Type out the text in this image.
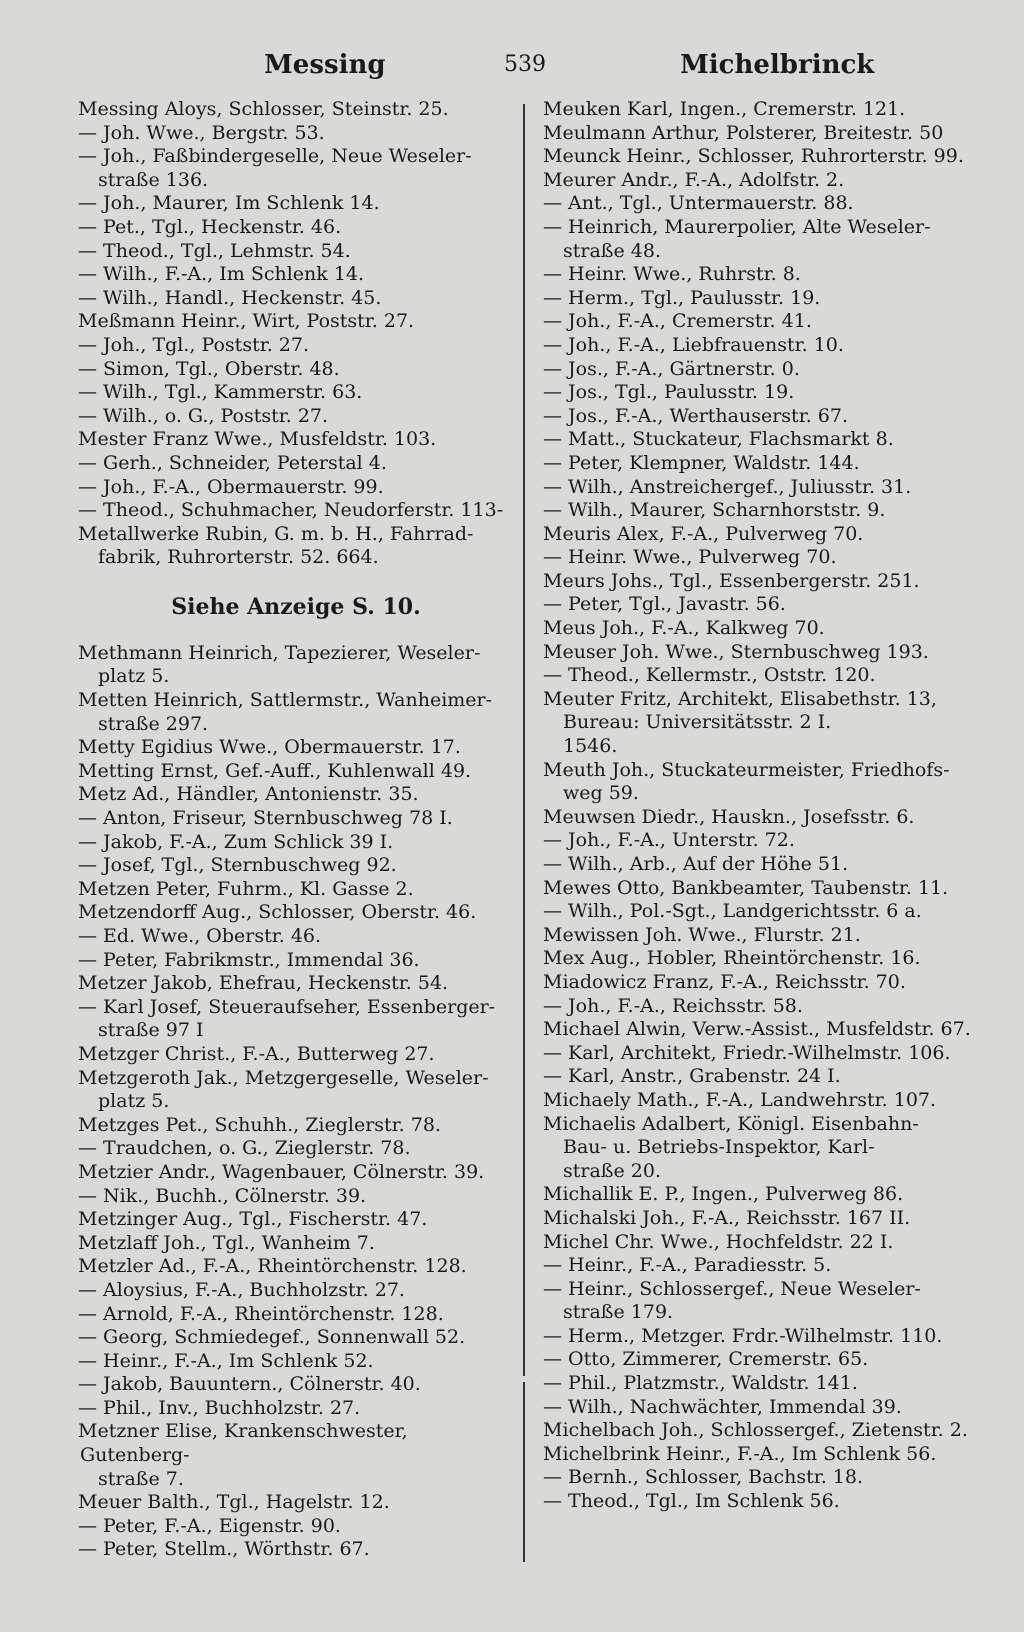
Messing	539	Michelbrinck
Messing Aloys, Schlosser, Steinstr. 25.
— Joh. Wwe., Bergstr. 53.
— Joh., Faßbindergeselle, Neue Weseler-
straße 136.
— Joh., Maurer, Im Schlenk 14.
— Pet., Tgl., Heckenstr. 46.
— Theod., Tgl., Lehmstr. 54.
— Wilh., F.-A., Im Schlenk 14.
— Wilh., Handl., Heckenstr. 45.
Meßmann Heinr., Wirt, Poststr. 27.
— Joh., Tgl., Poststr. 27.
— Simon, Tgl., Oberstr. 48.
— Wilh., Tgl., Kammerstr. 63.
— Wilh., o. G., Poststr. 27.
Mester Franz Wwe., Musfeldstr. 103.
— Gerh., Schneider, Peterstal 4.
— Joh., F.-A., Obermauerstr. 99.
— Theod., Schuhmacher, Neudorferstr. 113-
Metallwerke Rubin, G. m. b. H., Fahrrad-
fabrik, Ruhrorterstr. 52. 664.
Siehe Anzeige S. 10.
Methmann Heinrich, Tapezierer, Weseler-
platz 5.
Metten Heinrich, Sattlermstr., Wanheimer-
straße 297.
Metty Egidius Wwe., Obermauerstr. 17.
Metting Ernst, Gef.-Auff., Kuhlenwall 49.
Metz Ad., Händler, Antonienstr. 35.
— Anton, Friseur, Sternbuschweg 78 I.
— Jakob, F.-A., Zum Schlick 39 I.
— Josef, Tgl., Sternbuschweg 92.
Metzen Peter, Fuhrm., Kl. Gasse 2.
Metzendorff Aug., Schlosser, Oberstr. 46.
— Ed. Wwe., Oberstr. 46.
— Peter, Fabrikmstr., Immendal 36.
Metzer Jakob, Ehefrau, Heckenstr. 54.
— Karl Josef, Steueraufseher, Essenberger-
straße 97 I
Metzger Christ., F.-A., Butterweg 27.
Metzgeroth Jak., Metzgergeselle, Weseler-
platz 5.
Metzges Pet., Schuhh., Zieglerstr. 78.
— Traudchen, o. G., Zieglerstr. 78.
Metzier Andr., Wagenbauer, Cölnerstr. 39.
— Nik., Buchh., Cölnerstr. 39.
Metzinger Aug., Tgl., Fischerstr. 47.
Metzlaff Joh., Tgl., Wanheim 7.
Metzler Ad., F.-A., Rheintörchenstr. 128.
— Aloysius, F.-A., Buchholzstr. 27.
— Arnold, F.-A., Rheintörchenstr. 128.
— Georg, Schmiedegef., Sonnenwall 52.
— Heinr., F.-A., Im Schlenk 52.
— Jakob, Bauuntern., Cölnerstr. 40.
— Phil., Inv., Buchholzstr. 27.
Metzner Elise, Krankenschwester, Gutenberg-
straße 7.
Meuer Balth., Tgl., Hagelstr. 12.
— Peter, F.-A., Eigenstr. 90.
— Peter, Stellm., Wörthstr. 67.
Meuken Karl, Ingen., Cremerstr. 121.
Meulmann Arthur, Polsterer, Breitestr. 50
Meunck Heinr., Schlosser, Ruhrorterstr. 99.
Meurer Andr., F.-A., Adolfstr. 2.
— Ant., Tgl., Untermauerstr. 88.
— Heinrich, Maurerpolier, Alte Weseler-
straße 48.
— Heinr. Wwe., Ruhrstr. 8.
— Herm., Tgl., Paulusstr. 19.
— Joh., F.-A., Cremerstr. 41.
— Joh., F.-A., Liebfrauenstr. 10.
— Jos., F.-A., Gärtnerstr. 0.
— Jos., Tgl., Paulusstr. 19.
— Jos., F.-A., Werthauserstr. 67.
— Matt., Stuckateur, Flachsmarkt 8.
— Peter, Klempner, Waldstr. 144.
— Wilh., Anstreichergef., Juliusstr. 31.
— Wilh., Maurer, Scharnhorststr. 9.
Meuris Alex, F.-A., Pulverweg 70.
— Heinr. Wwe., Pulverweg 70.
Meurs Johs., Tgl., Essenbergerstr. 251.
— Peter, Tgl., Javastr. 56.
Meus Joh., F.-A., Kalkweg 70.
Meuser Joh. Wwe., Sternbuschweg 193.
— Theod., Kellermstr., Oststr. 120.
Meuter Fritz, Architekt, Elisabethstr. 13,
Bureau: Universitätsstr. 2 I.
1546.
Meuth Joh., Stuckateurmeister, Friedhofs-
weg 59.
Meuwsen Diedr., Hauskn., Josefsstr. 6.
— Joh., F.-A., Unterstr. 72.
— Wilh., Arb., Auf der Höhe 51.
Mewes Otto, Bankbeamter, Taubenstr. 11.
— Wilh., Pol.-Sgt., Landgerichtsstr. 6 a.
Mewissen Joh. Wwe., Flurstr. 21.
Mex Aug., Hobler, Rheintörchenstr. 16.
Miadowicz Franz, F.-A., Reichsstr. 70.
— Joh., F.-A., Reichsstr. 58.
Michael Alwin, Verw.-Assist., Musfeldstr. 67.
— Karl, Architekt, Friedr.-Wilhelmstr. 106.
— Karl, Anstr., Grabenstr. 24 I.
Michaely Math., F.-A., Landwehrstr. 107.
Michaelis Adalbert, Königl. Eisenbahn-
Bau- u. Betriebs-Inspektor, Karl-
straße 20.
Michallik E. P., Ingen., Pulverweg 86.
Michalski Joh., F.-A., Reichsstr. 167 II.
Michel Chr. Wwe., Hochfeldstr. 22 I.
— Heinr., F.-A., Paradiesstr. 5.
— Heinr., Schlossergef., Neue Weseler-
straße 179.
— Herm., Metzger. Frdr.-Wilhelmstr. 110.
— Otto, Zimmerer, Cremerstr. 65.
— Phil., Platzmstr., Waldstr. 141.
— Wilh., Nachwächter, Immendal 39.
Michelbach Joh., Schlossergef., Zietenstr. 2.
Michelbrink Heinr., F.-A., Im Schlenk 56.
— Bernh., Schlosser, Bachstr. 18.
— Theod., Tgl., Im Schlenk 56.
